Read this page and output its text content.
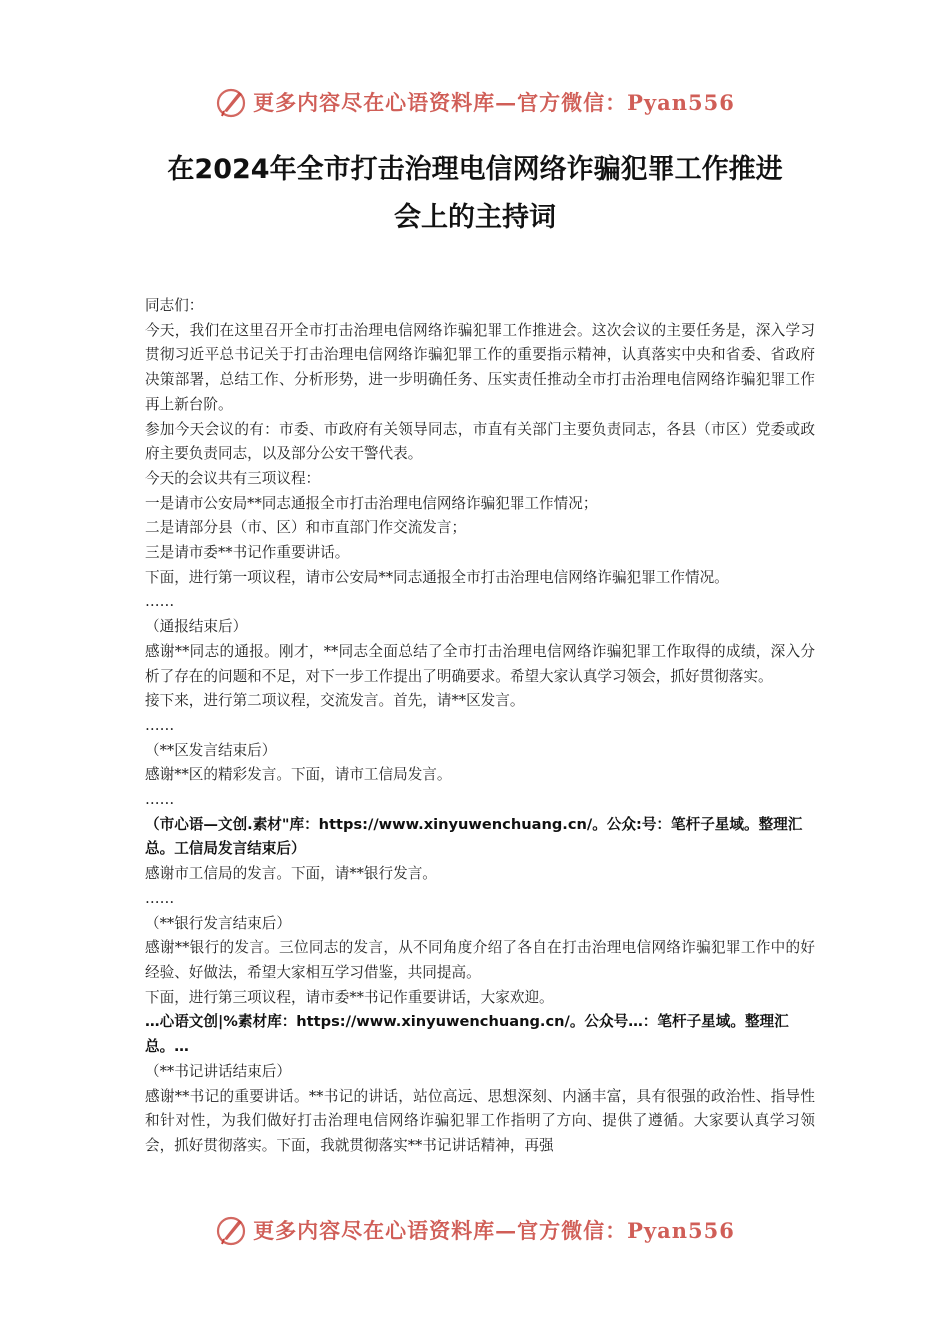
更多内容尽在心语资料库—官方微信：Pyan556
在2024年全市打击治理电信网络诈骗犯罪工作推进
会上的主持词

同志们：

今天，我们在这里召开全市打击治理电信网络诈骗犯罪工作推进会。这次会议的主要任务是，深入学习贯彻习近平总书记关于打击治理电信网络诈骗犯罪工作的重要指示精神，认真落实中央和省委、省政府决策部署，总结工作、分析形势，进一步明确任务、压实责任推动全市打击治理电信网络诈骗犯罪工作再上新台阶。

参加今天会议的有：市委、市政府有关领导同志，市直有关部门主要负责同志，各县（市区）党委或政府主要负责同志，以及部分公安干警代表。

今天的会议共有三项议程：

一是请市公安局**同志通报全市打击治理电信网络诈骗犯罪工作情况；

二是请部分县（市、区）和市直部门作交流发言；

三是请市委**书记作重要讲话。

下面，进行第一项议程，请市公安局**同志通报全市打击治理电信网络诈骗犯罪工作情况。

……

（通报结束后）

感谢**同志的通报。刚才，**同志全面总结了全市打击治理电信网络诈骗犯罪工作取得的成绩，深入分析了存在的问题和不足，对下一步工作提出了明确要求。希望大家认真学习领会，抓好贯彻落实。

接下来，进行第二项议程，交流发言。首先，请**区发言。

……

（**区发言结束后）

感谢**区的精彩发言。下面，请市工信局发言。

……

（市心语—文创.素材"库：https://www.xinyuwenchuang.cn/。公众:号：笔杆子星域。整理汇总。工信局发言结束后）

感谢市工信局的发言。下面，请**银行发言。

……

（**银行发言结束后）

感谢**银行的发言。三位同志的发言，从不同角度介绍了各自在打击治理电信网络诈骗犯罪工作中的好经验、好做法，希望大家相互学习借鉴，共同提高。

下面，进行第三项议程，请市委**书记作重要讲话，大家欢迎。

…心语文创|%素材库：https://www.xinyuwenchuang.cn/。公众号…：笔杆子星域。整理汇总。…

（**书记讲话结束后）

感谢**书记的重要讲话。**书记的讲话，站位高远、思想深刻、内涵丰富，具有很强的政治性、指导性和针对性，为我们做好打击治理电信网络诈骗犯罪工作指明了方向、提供了遵循。大家要认真学习领会，抓好贯彻落实。下面，我就贯彻落实**书记讲话精神，再强

更多内容尽在心语资料库—官方微信：Pyan556
